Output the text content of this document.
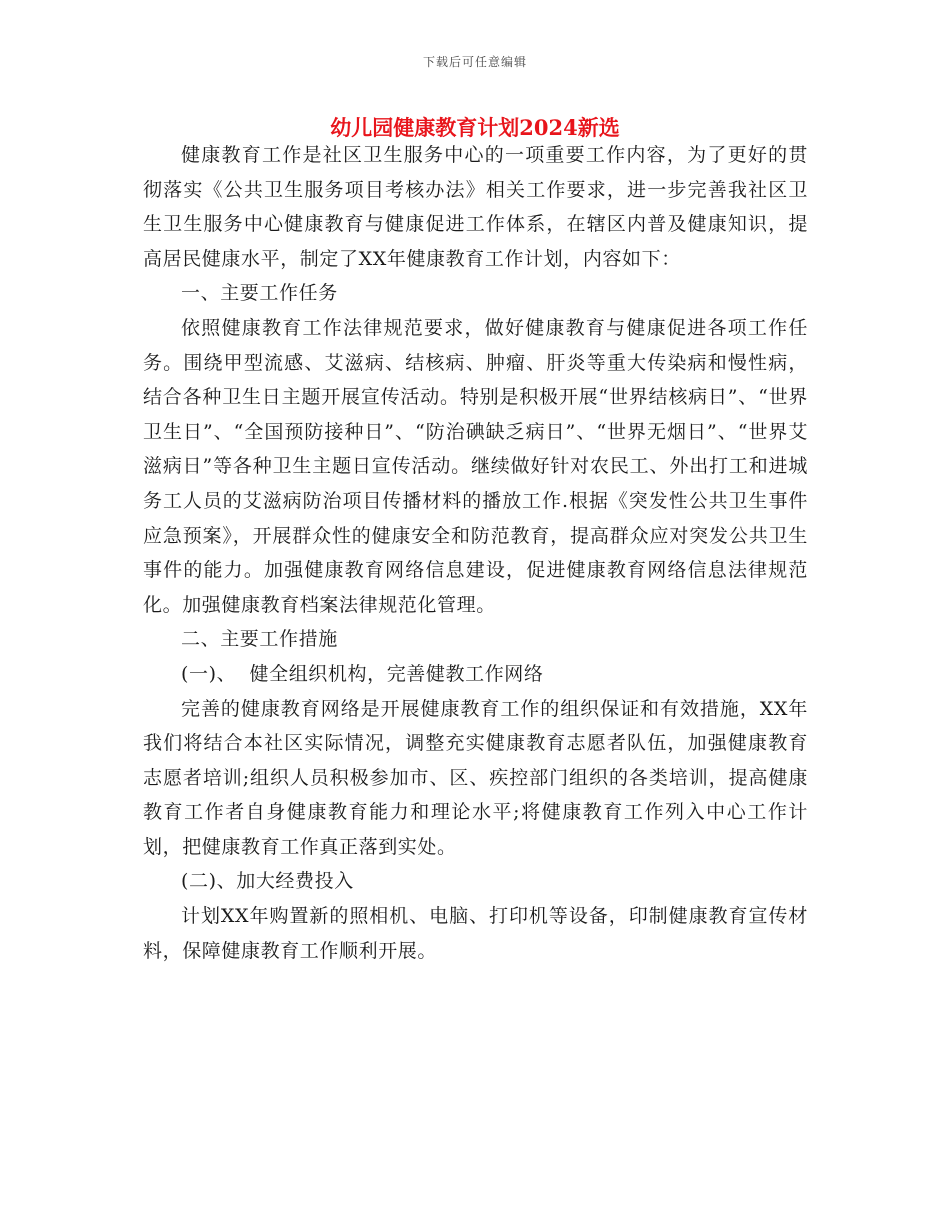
下载后可任意编辑
幼儿园健康教育计划2024新选

健康教育工作是社区卫生服务中心的一项重要工作内容，为了更好的贯彻落实《公共卫生服务项目考核办法》相关工作要求，进一步完善我社区卫生卫生服务中心健康教育与健康促进工作体系，在辖区内普及健康知识，提高居民健康水平，制定了XX年健康教育工作计划，内容如下：

一、主要工作任务

依照健康教育工作法律规范要求，做好健康教育与健康促进各项工作任务。围绕甲型流感、艾滋病、结核病、肿瘤、肝炎等重大传染病和慢性病，结合各种卫生日主题开展宣传活动。特别是积极开展“世界结核病日”、“世界卫生日”、“全国预防接种日”、“防治碘缺乏病日”、“世界无烟日”、“世界艾滋病日”等各种卫生主题日宣传活动。继续做好针对农民工、外出打工和进城务工人员的艾滋病防治项目传播材料的播放工作.根据《突发性公共卫生事件应急预案》，开展群众性的健康安全和防范教育，提高群众应对突发公共卫生事件的能力。加强健康教育网络信息建设，促进健康教育网络信息法律规范化。加强健康教育档案法律规范化管理。

二、主要工作措施

(一)、  健全组织机构，完善健教工作网络

完善的健康教育网络是开展健康教育工作的组织保证和有效措施，XX年我们将结合本社区实际情况，调整充实健康教育志愿者队伍，加强健康教育志愿者培训;组织人员积极参加市、区、疾控部门组织的各类培训，提高健康教育工作者自身健康教育能力和理论水平;将健康教育工作列入中心工作计划，把健康教育工作真正落到实处。

(二)、加大经费投入

计划XX年购置新的照相机、电脑、打印机等设备，印制健康教育宣传材料，保障健康教育工作顺利开展。
